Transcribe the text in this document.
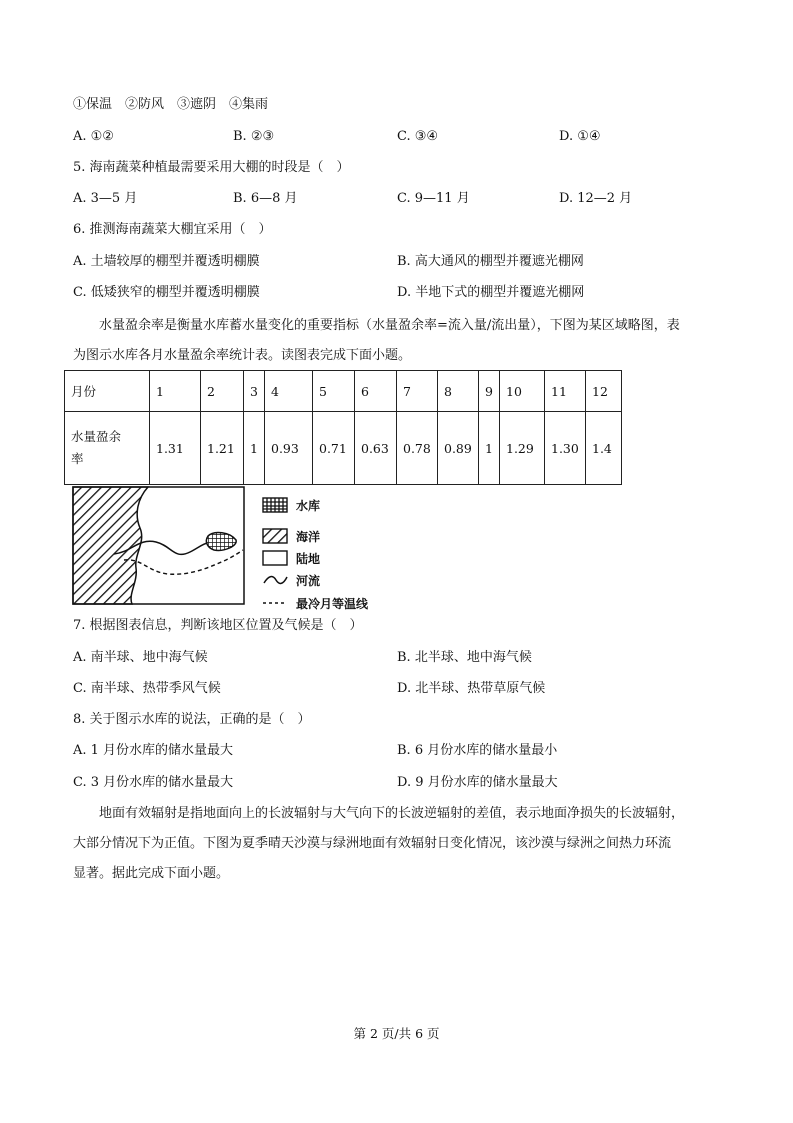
①保温　②防风　③遮阴　④集雨
A. ①②	B. ②③	C. ③④	D. ①④
5. 海南蔬菜种植最需要采用大棚的时段是（　）
A. 3—5 月	B. 6—8 月	C. 9—11 月	D. 12—2 月
6. 推测海南蔬菜大棚宜采用（　）
A. 土墙较厚的棚型并覆透明棚膜	B. 高大通风的棚型并覆遮光棚网
C. 低矮狭窄的棚型并覆透明棚膜	D. 半地下式的棚型并覆遮光棚网

水量盈余率是衡量水库蓄水量变化的重要指标（水量盈余率=流入量/流出量），下图为某区域略图，表

为图示水库各月水量盈余率统计表。读图表完成下面小题。

月份	1	2	3	4	5	6	7	8	9	10	11	12

水量盈余
率	1.31	1.21	1	0.93	0.71	0.63	0.78	0.89	1	1.29	1.30	1.4
水库
海洋
陆地
河流
最冷月等温线
7. 根据图表信息，判断该地区位置及气候是（　）
A. 南半球、地中海气候	B. 北半球、地中海气候
C. 南半球、热带季风气候	D. 北半球、热带草原气候
8. 关于图示水库的说法，正确的是（　）
A. 1 月份水库的储水量最大	B. 6 月份水库的储水量最小
C. 3 月份水库的储水量最大	D. 9 月份水库的储水量最大

地面有效辐射是指地面向上的长波辐射与大气向下的长波逆辐射的差值，表示地面净损失的长波辐射，

大部分情况下为正值。下图为夏季晴天沙漠与绿洲地面有效辐射日变化情况，该沙漠与绿洲之间热力环流

显著。据此完成下面小题。

第 2 页/共 6 页
